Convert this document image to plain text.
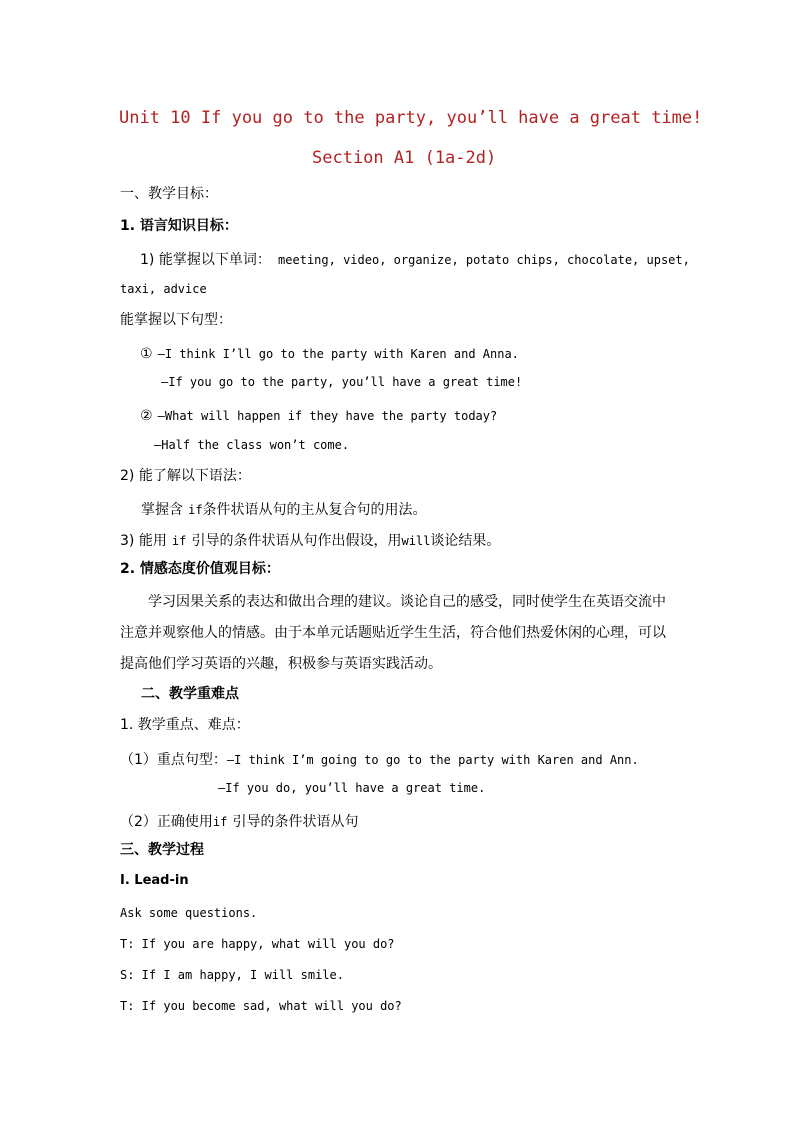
Unit 10 If you go to the party, you’ll have a great time!
Section A1 (1a-2d)
一、教学目标：
1. 语言知识目标：
1) 能掌握以下单词： meeting, video, organize, potato chips, chocolate, upset,
taxi, advice
能掌握以下句型：
① —I think I’ll go to the party with Karen and Anna.
—If you go to the party, you’ll have a great time!
② —What will happen if they have the party today?
—Half the class won’t come.
2) 能了解以下语法：
掌握含 if条件状语从句的主从复合句的用法。
3) 能用 if 引导的条件状语从句作出假设，用will谈论结果。
2. 情感态度价值观目标：
学习因果关系的表达和做出合理的建议。谈论自己的感受，同时使学生在英语交流中注意并观察他人的情感。由于本单元话题贴近学生生活，符合他们热爱休闲的心理，可以提高他们学习英语的兴趣，积极参与英语实践活动。
二、教学重难点
1. 教学重点、难点：
（1）重点句型：—I think I’m going to go to the party with Karen and Ann.
—If you do, you’ll have a great time.
（2）正确使用if 引导的条件状语从句
三、教学过程
Ⅰ. Lead-in
Ask some questions.
T: If you are happy, what will you do?
S: If I am happy, I will smile.
T: If you become sad, what will you do?
